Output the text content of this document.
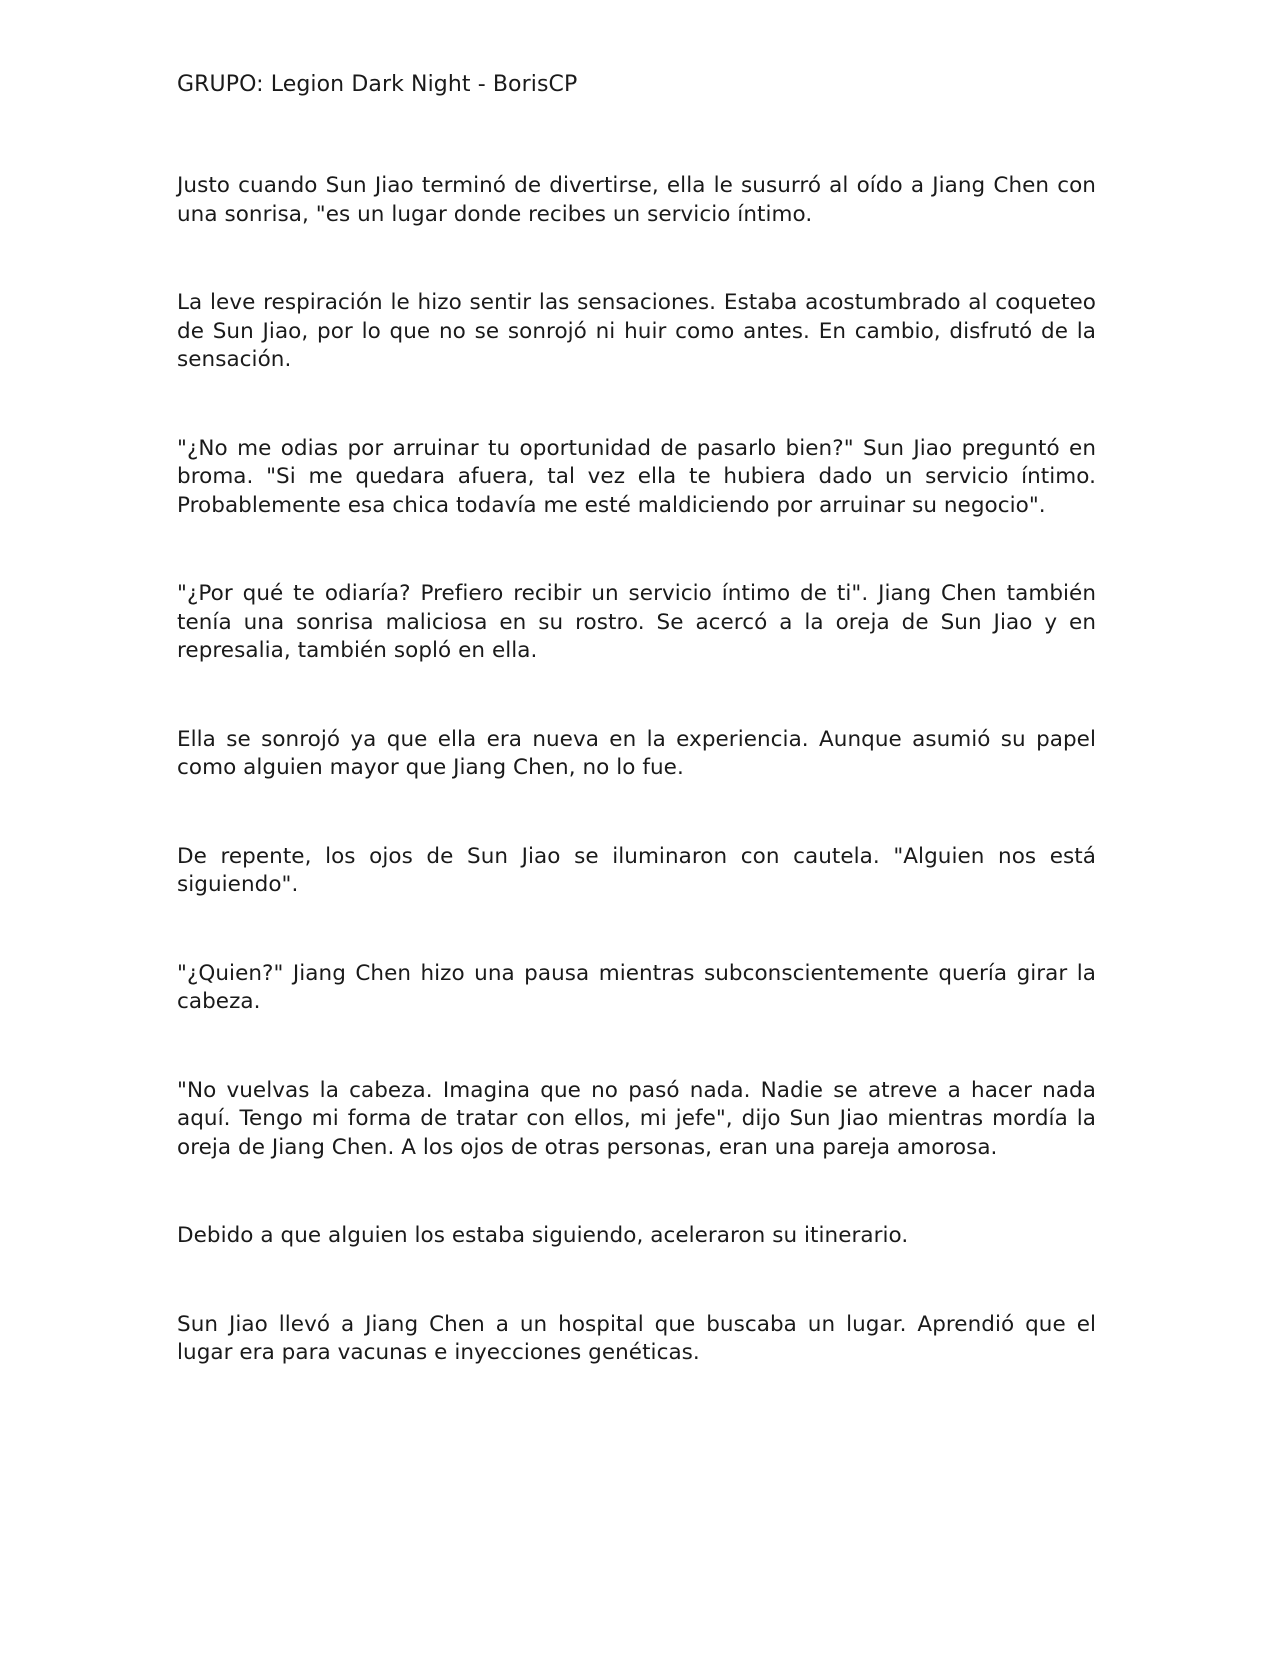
GRUPO: Legion Dark Night - BorisCP

Justo cuando Sun Jiao terminó de divertirse, ella le susurró al oído a Jiang Chen con una sonrisa, "es un lugar donde recibes un servicio íntimo.

La leve respiración le hizo sentir las sensaciones. Estaba acostumbrado al coqueteo de Sun Jiao, por lo que no se sonrojó ni huir como antes. En cambio, disfrutó de la sensación.

"¿No me odias por arruinar tu oportunidad de pasarlo bien?" Sun Jiao preguntó en broma. "Si me quedara afuera, tal vez ella te hubiera dado un servicio íntimo. Probablemente esa chica todavía me esté maldiciendo por arruinar su negocio".

"¿Por qué te odiaría? Prefiero recibir un servicio íntimo de ti". Jiang Chen también tenía una sonrisa maliciosa en su rostro. Se acercó a la oreja de Sun Jiao y en represalia, también sopló en ella.

Ella se sonrojó ya que ella era nueva en la experiencia. Aunque asumió su papel como alguien mayor que Jiang Chen, no lo fue.

De repente, los ojos de Sun Jiao se iluminaron con cautela. "Alguien nos está siguiendo".

"¿Quien?" Jiang Chen hizo una pausa mientras subconscientemente quería girar la cabeza.

"No vuelvas la cabeza. Imagina que no pasó nada. Nadie se atreve a hacer nada aquí. Tengo mi forma de tratar con ellos, mi jefe", dijo Sun Jiao mientras mordía la oreja de Jiang Chen. A los ojos de otras personas, eran una pareja amorosa.

Debido a que alguien los estaba siguiendo, aceleraron su itinerario.

Sun Jiao llevó a Jiang Chen a un hospital que buscaba un lugar. Aprendió que el lugar era para vacunas e inyecciones genéticas.
